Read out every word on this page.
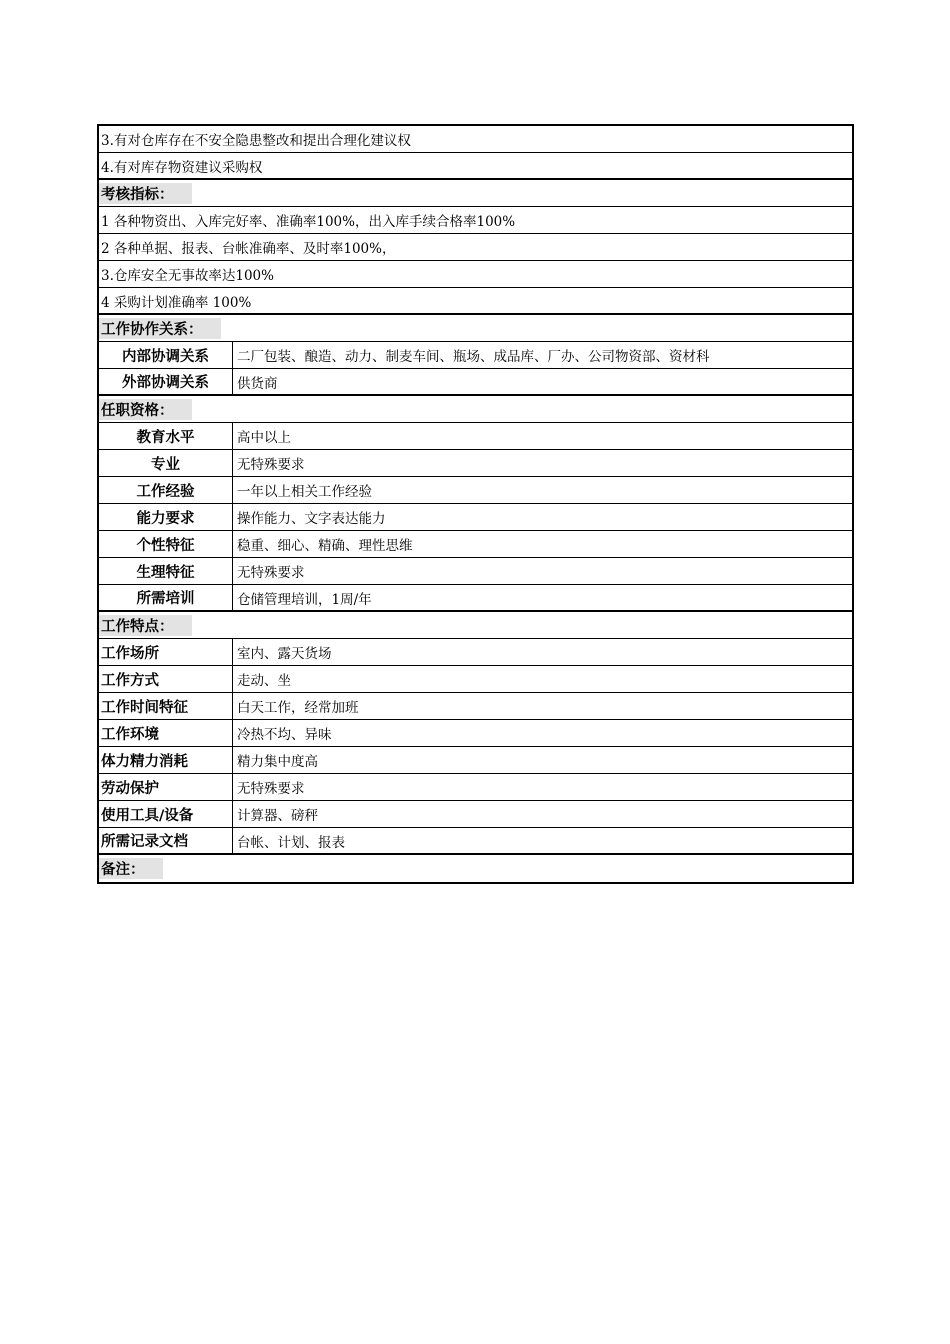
3.有对仓库存在不安全隐患整改和提出合理化建议权
4.有对库存物资建议采购权
考核指标：
1 各种物资出、入库完好率、准确率100%，出入库手续合格率100%
2 各种单据、报表、台帐准确率、及时率100%，
3.仓库安全无事故率达100%
4 采购计划准确率 100%
工作协作关系：
内部协调关系	二厂包装、酿造、动力、制麦车间、瓶场、成品库、厂办、公司物资部、资材科
外部协调关系	供货商
任职资格：
教育水平	高中以上
专业	无特殊要求
工作经验	一年以上相关工作经验
能力要求	操作能力、文字表达能力
个性特征	稳重、细心、精确、理性思维
生理特征	无特殊要求
所需培训	仓储管理培训，1周/年
工作特点：
工作场所	室内、露天货场
工作方式	走动、坐
工作时间特征	白天工作，经常加班
工作环境	冷热不均、异味
体力精力消耗	精力集中度高
劳动保护	无特殊要求
使用工具/设备	计算器、磅秤
所需记录文档	台帐、计划、报表
备注：
